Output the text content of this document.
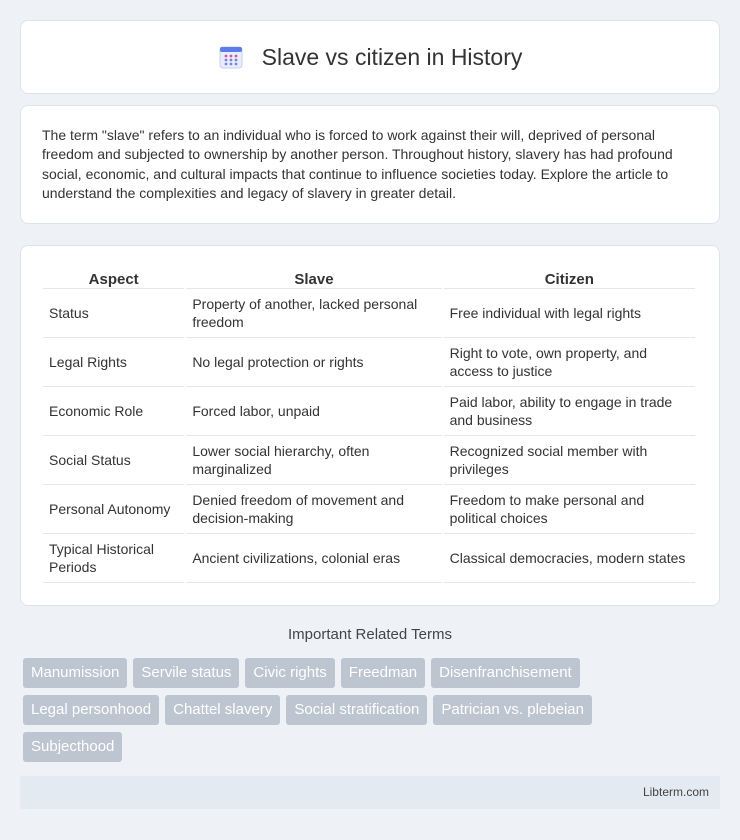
Slave vs citizen in History

The term "slave" refers to an individual who is forced to work against their will, deprived of personal freedom and subjected to ownership by another person. Throughout history, slavery has had profound social, economic, and cultural impacts that continue to influence societies today. Explore the article to understand the complexities and legacy of slavery in greater detail.

Aspect	Slave	Citizen
Status	Property of another, lacked personal freedom	Free individual with legal rights
Legal Rights	No legal protection or rights	Right to vote, own property, and access to justice
Economic Role	Forced labor, unpaid	Paid labor, ability to engage in trade and business
Social Status	Lower social hierarchy, often marginalized	Recognized social member with privileges
Personal Autonomy	Denied freedom of movement and decision-making	Freedom to make personal and political choices
Typical Historical Periods	Ancient civilizations, colonial eras	Classical democracies, modern states
Important Related Terms
Manumission	Servile status	Civic rights	Freedman	Disenfranchisement
Legal personhood	Chattel slavery	Social stratification	Patrician vs. plebeian
Subjecthood
Libterm.com
